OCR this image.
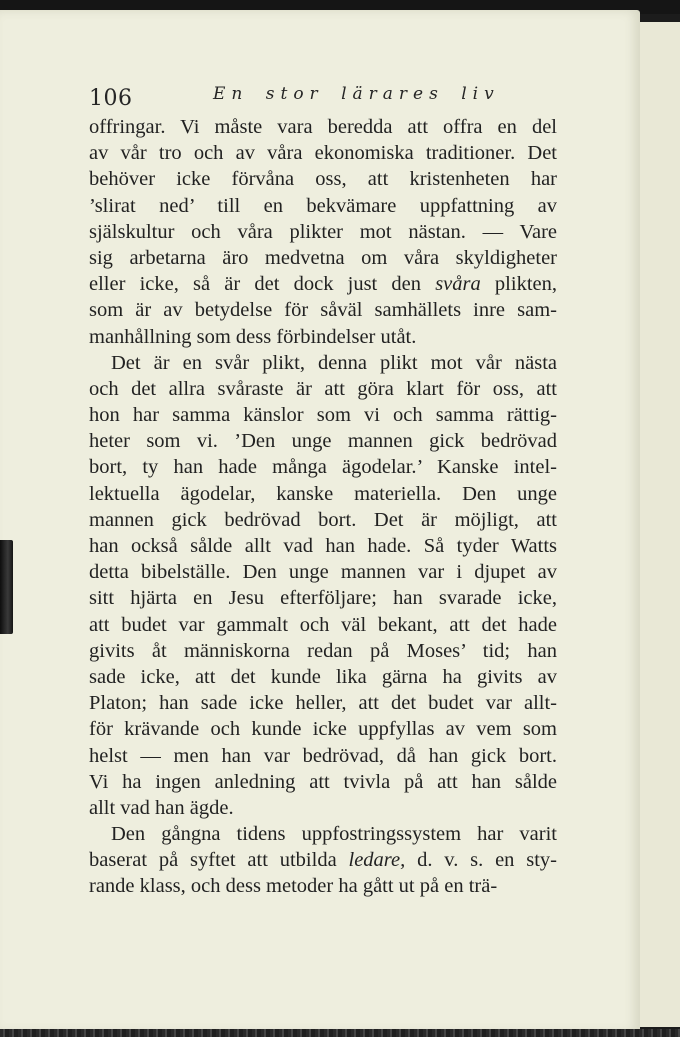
106	En stor lärares liv
offringar. Vi måste vara beredda att offra en del
av vår tro och av våra ekonomiska traditioner. Det
behöver icke förvåna oss, att kristenheten har
’slirat ned’ till en bekvämare uppfattning av
själskultur och våra plikter mot nästan. — Vare
sig arbetarna äro medvetna om våra skyldigheter
eller icke, så är det dock just den svåra plikten,
som är av betydelse för såväl samhällets inre sam-
manhållning som dess förbindelser utåt.
Det är en svår plikt, denna plikt mot vår nästa
och det allra svåraste är att göra klart för oss, att
hon har samma känslor som vi och samma rättig-
heter som vi. ’Den unge mannen gick bedrövad
bort, ty han hade många ägodelar.’ Kanske intel-
lektuella ägodelar, kanske materiella. Den unge
mannen gick bedrövad bort. Det är möjligt, att
han också sålde allt vad han hade. Så tyder Watts
detta bibelställe. Den unge mannen var i djupet av
sitt hjärta en Jesu efterföljare; han svarade icke,
att budet var gammalt och väl bekant, att det hade
givits åt människorna redan på Moses’ tid; han
sade icke, att det kunde lika gärna ha givits av
Platon; han sade icke heller, att det budet var allt-
för krävande och kunde icke uppfyllas av vem som
helst — men han var bedrövad, då han gick bort.
Vi ha ingen anledning att tvivla på att han sålde
allt vad han ägde.
Den gångna tidens uppfostringssystem har varit
baserat på syftet att utbilda ledare, d. v. s. en sty-
rande klass, och dess metoder ha gått ut på en trä-
